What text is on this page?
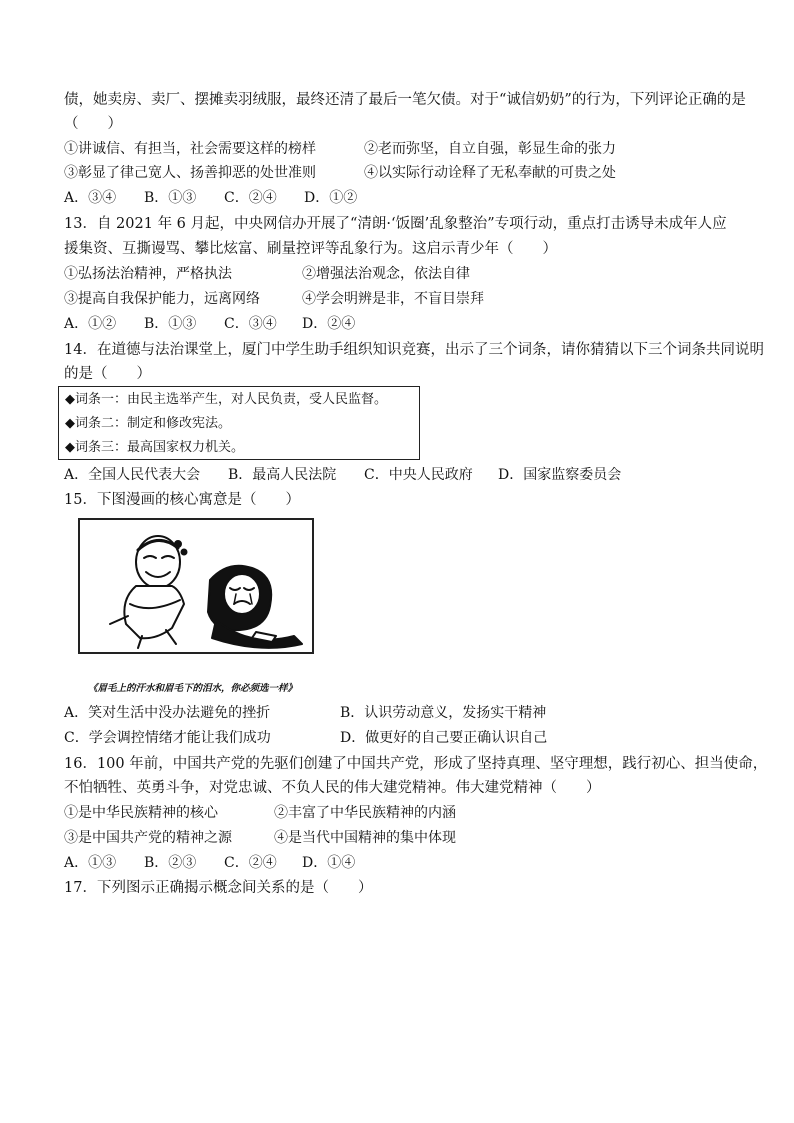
债，她卖房、卖厂、摆摊卖羽绒服，最终还清了最后一笔欠债。对于“诚信奶奶”的行为，下列评论正确的是
（　　）
①讲诚信、有担当，社会需要这样的榜样	②老而弥坚，自立自强，彰显生命的张力
③彰显了律己宽人、扬善抑恶的处世准则	④以实际行动诠释了无私奉献的可贵之处
A．③④ B．①③ C．②④ D．①②
13．自 2021 年 6 月起，中央网信办开展了“清朗·‘饭圈’乱象整治”专项行动，重点打击诱导未成年人应
援集资、互撕谩骂、攀比炫富、刷量控评等乱象行为。这启示青少年（　　）
①弘扬法治精神，严格执法	②增强法治观念，依法自律
③提高自我保护能力，远离网络	④学会明辨是非，不盲目崇拜
A．①② B．①③ C．③④ D．②④
14．在道德与法治课堂上，厦门中学生助手组织知识竞赛，出示了三个词条，请你猜猜以下三个词条共同说明
的是（　　）
◆词条一：由民主选举产生，对人民负责，受人民监督。
◆词条二：制定和修改宪法。
◆词条三：最高国家权力机关。
A．全国人民代表大会 B．最高人民法院 C．中央人民政府 D．国家监察委员会
15．下图漫画的核心寓意是（　　）
《眉毛上的汗水和眉毛下的泪水，你必须选一样》
A．笑对生活中没办法避免的挫折	B．认识劳动意义，发扬实干精神
C．学会调控情绪才能让我们成功	D．做更好的自己要正确认识自己
16．100 年前，中国共产党的先驱们创建了中国共产党，形成了坚持真理、坚守理想，践行初心、担当使命，
不怕牺牲、英勇斗争，对党忠诚、不负人民的伟大建党精神。伟大建党精神（　　）
①是中华民族精神的核心	②丰富了中华民族精神的内涵
③是中国共产党的精神之源	④是当代中国精神的集中体现
A．①③ B．②③ C．②④ D．①④
17．下列图示正确揭示概念间关系的是（　　）
